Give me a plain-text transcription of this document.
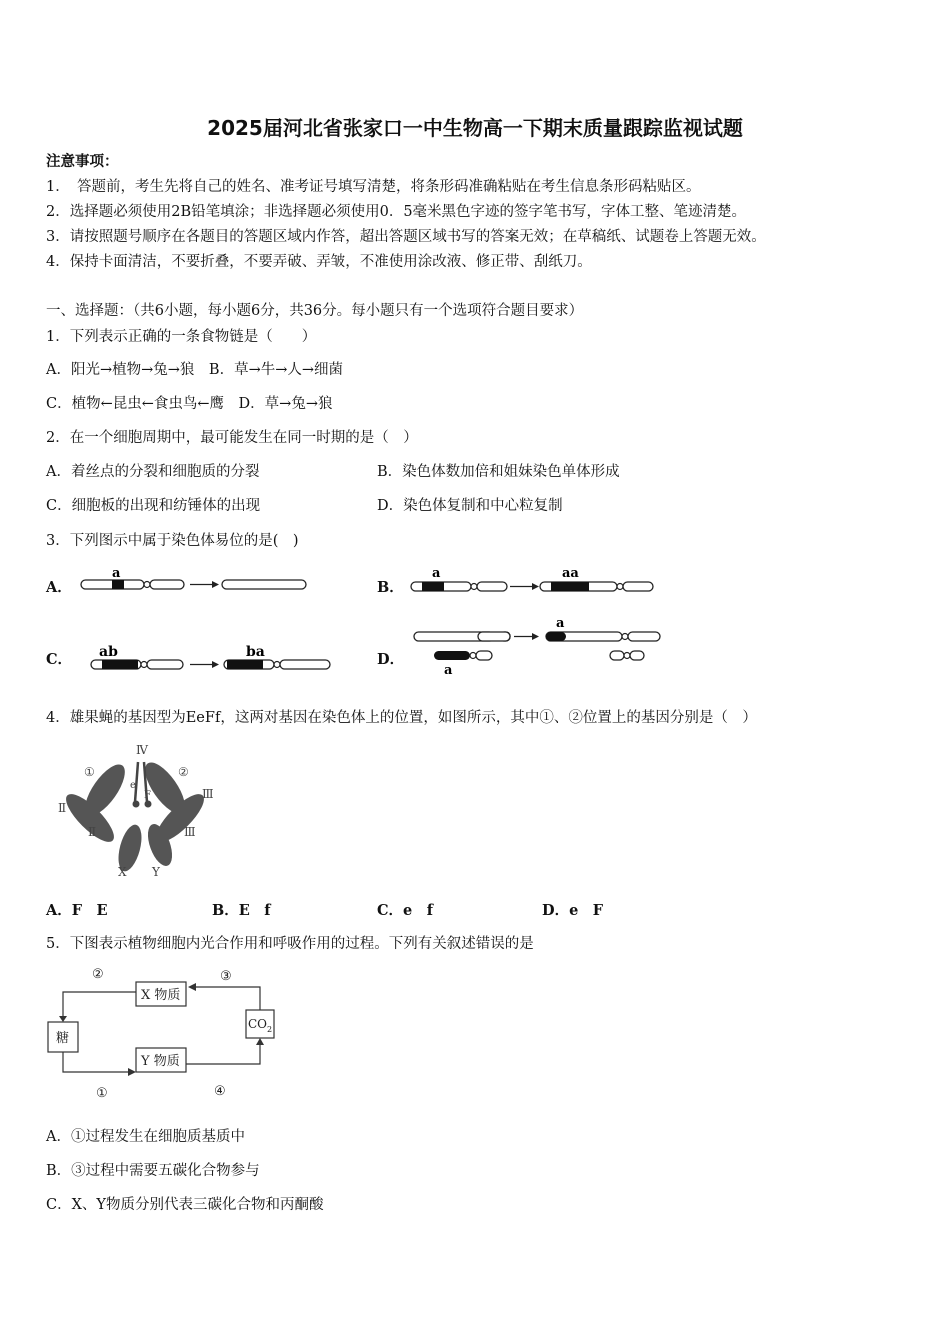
2025届河北省张家口一中生物高一下期末质量跟踪监视试题
注意事项：
1．　答题前，考生先将自己的姓名、准考证号填写清楚，将条形码准确粘贴在考生信息条形码粘贴区。
2．选择题必须使用2B铅笔填涂；非选择题必须使用0．5毫米黑色字迹的签字笔书写，字体工整、笔迹清楚。
3．请按照题号顺序在各题目的答题区域内作答，超出答题区域书写的答案无效；在草稿纸、试题卷上答题无效。
4．保持卡面清洁，不要折叠，不要弄破、弄皱，不准使用涂改液、修正带、刮纸刀。
一、选择题：（共6小题，每小题6分，共36分。每小题只有一个选项符合题目要求）
1．下列表示正确的一条食物链是（　　）
A．阳光→植物→兔→狼　B．草→牛→人→细菌
C．植物←昆虫←食虫鸟←鹰　D．草→兔→狼
2．在一个细胞周期中，最可能发生在同一时期的是（　）
A．着丝点的分裂和细胞质的分裂	B．染色体数加倍和姐妹染色单体形成
C．细胞板的出现和纺锤体的出现	D．染色体复制和中心粒复制
3．下列图示中属于染色体易位的是(　)
A．	B．
C．	D．
a	a	aa
ab	ba
a
a
4．雄果蝇的基因型为EeFf，这两对基因在染色体上的位置，如图所示，其中①、②位置上的基因分别是（　）
①	②
Ⅳ
Ⅱ
Ⅱ
Ⅲ
Ⅲ
e
F
X Y
A．F　E	B．E　f	C．e　f	D．e　F
5．下图表示植物细胞内光合作用和呼吸作用的过程。下列有关叙述错误的是
X 物质
糖
CO 2
Y 物质
②	③
①	④
A．①过程发生在细胞质基质中
B．③过程中需要五碳化合物参与
C．X、Y物质分别代表三碳化合物和丙酮酸
